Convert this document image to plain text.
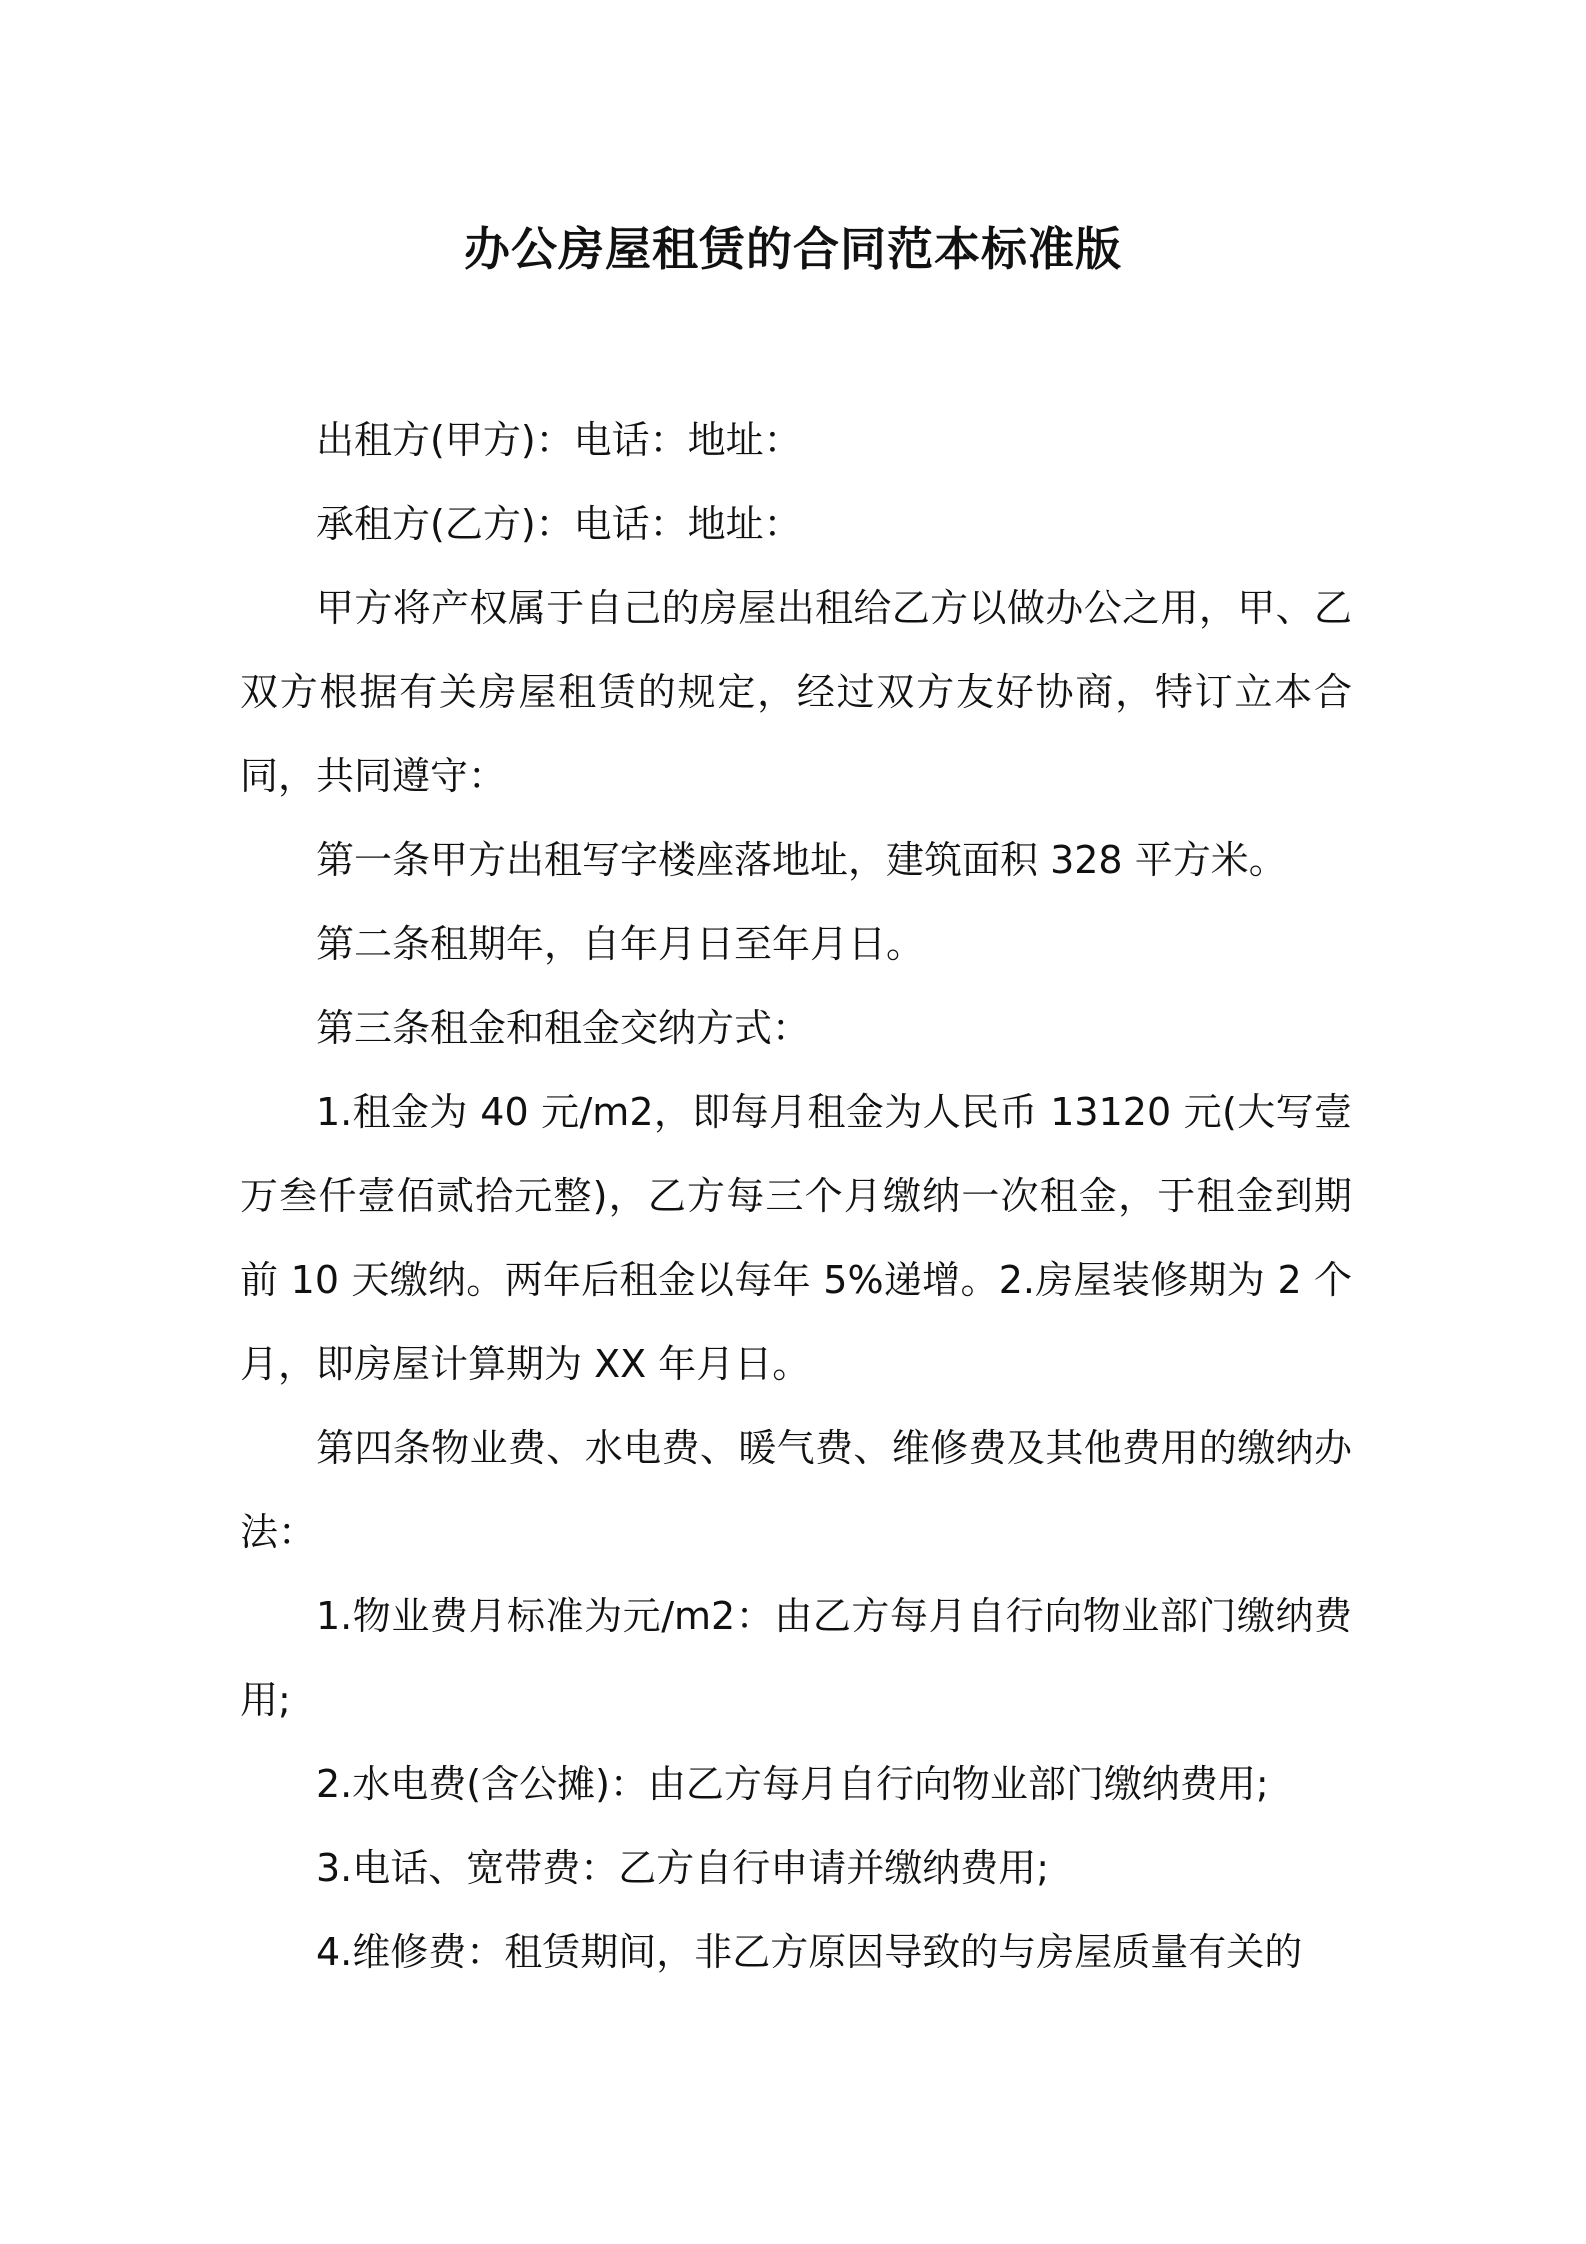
办公房屋租赁的合同范本标准版

出租方(甲方)：电话：地址：

承租方(乙方)：电话：地址：

甲方将产权属于自己的房屋出租给乙方以做办公之用，甲、乙双方根据有关房屋租赁的规定，经过双方友好协商，特订立本合同，共同遵守：

第一条甲方出租写字楼座落地址，建筑面积 328 平方米。

第二条租期年，自年月日至年月日。

第三条租金和租金交纳方式：

1.租金为 40 元/m2，即每月租金为人民币 13120 元(大写壹万叁仟壹佰贰拾元整)，乙方每三个月缴纳一次租金，于租金到期前 10 天缴纳。两年后租金以每年 5%递增。2.房屋装修期为 2 个月，即房屋计算期为 XX 年月日。

第四条物业费、水电费、暖气费、维修费及其他费用的缴纳办法：

1.物业费月标准为元/m2：由乙方每月自行向物业部门缴纳费用;

2.水电费(含公摊)：由乙方每月自行向物业部门缴纳费用;

3.电话、宽带费：乙方自行申请并缴纳费用;

4.维修费：租赁期间，非乙方原因导致的与房屋质量有关的
